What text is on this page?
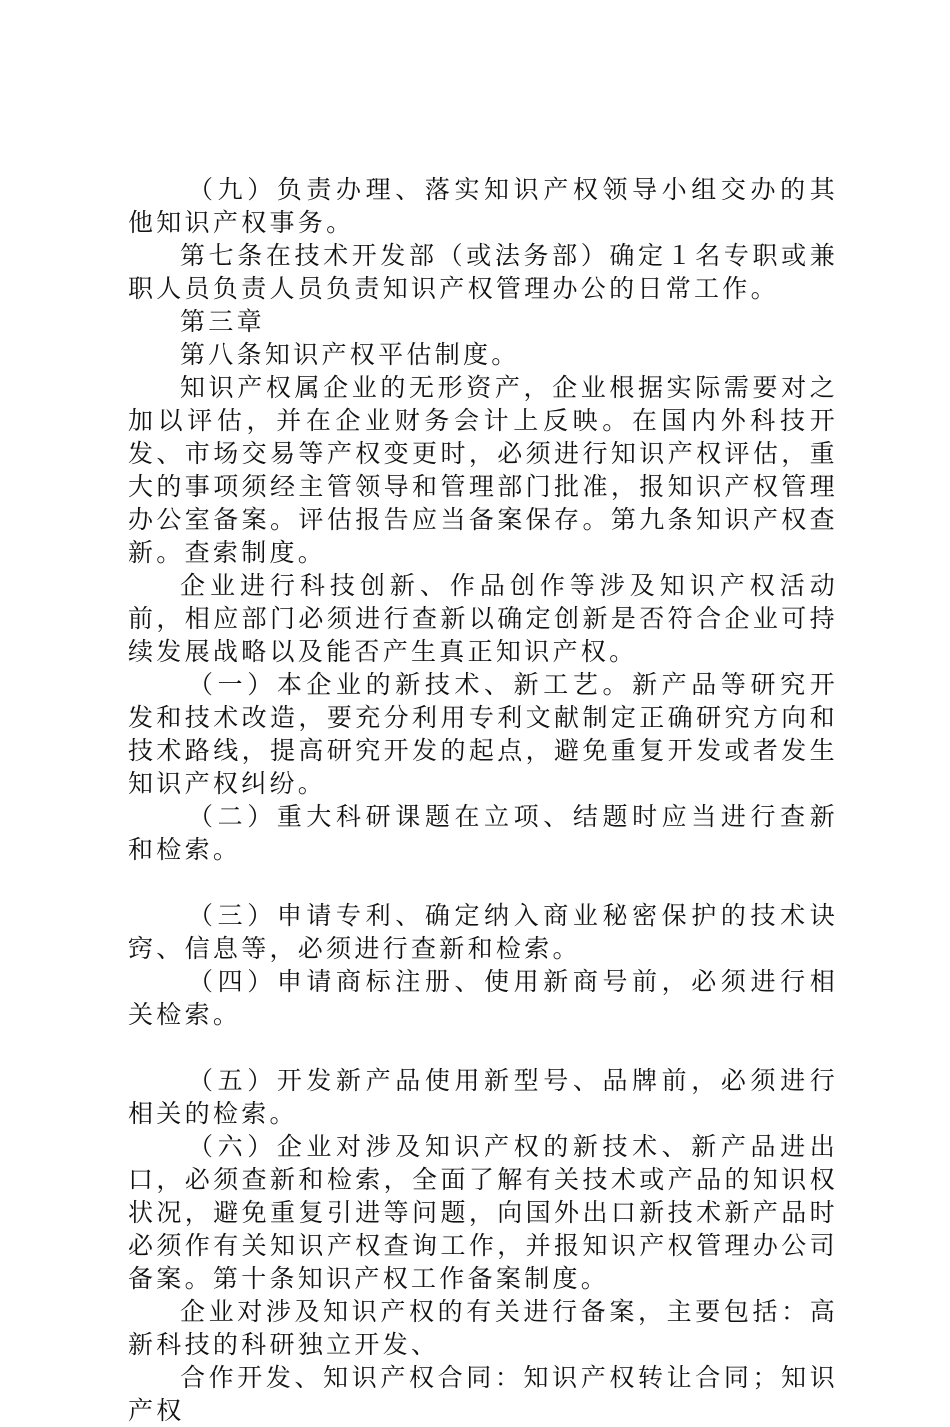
（九）负责办理、落实知识产权领导小组交办的其他知识产权事务。

第七条在技术开发部（或法务部）确定１名专职或兼职人员负责人员负责知识产权管理办公的日常工作。

第三章

第八条知识产权平估制度。

知识产权属企业的无形资产，企业根据实际需要对之加以评估，并在企业财务会计上反映。在国内外科技开发、市场交易等产权变更时，必须进行知识产权评估，重大的事项须经主管领导和管理部门批准，报知识产权管理办公室备案。评估报告应当备案保存。第九条知识产权查新。查索制度。

企业进行科技创新、作品创作等涉及知识产权活动前，相应部门必须进行查新以确定创新是否符合企业可持续发展战略以及能否产生真正知识产权。

（一）本企业的新技术、新工艺。新产品等研究开发和技术改造，要充分利用专利文献制定正确研究方向和技术路线，提高研究开发的起点，避免重复开发或者发生知识产权纠纷。

（二）重大科研课题在立项、结题时应当进行查新和检索。

（三）申请专利、确定纳入商业秘密保护的技术诀窍、信息等，必须进行查新和检索。

（四）申请商标注册、使用新商号前，必须进行相关检索。

（五）开发新产品使用新型号、品牌前，必须进行相关的检索。

（六）企业对涉及知识产权的新技术、新产品进出口，必须查新和检索，全面了解有关技术或产品的知识权状况，避免重复引进等问题，向国外出口新技术新产品时必须作有关知识产权查询工作，并报知识产权管理办公司备案。第十条知识产权工作备案制度。

企业对涉及知识产权的有关进行备案，主要包括：高新科技的科研独立开发、

合作开发、知识产权合同：知识产权转让合同；知识产权
